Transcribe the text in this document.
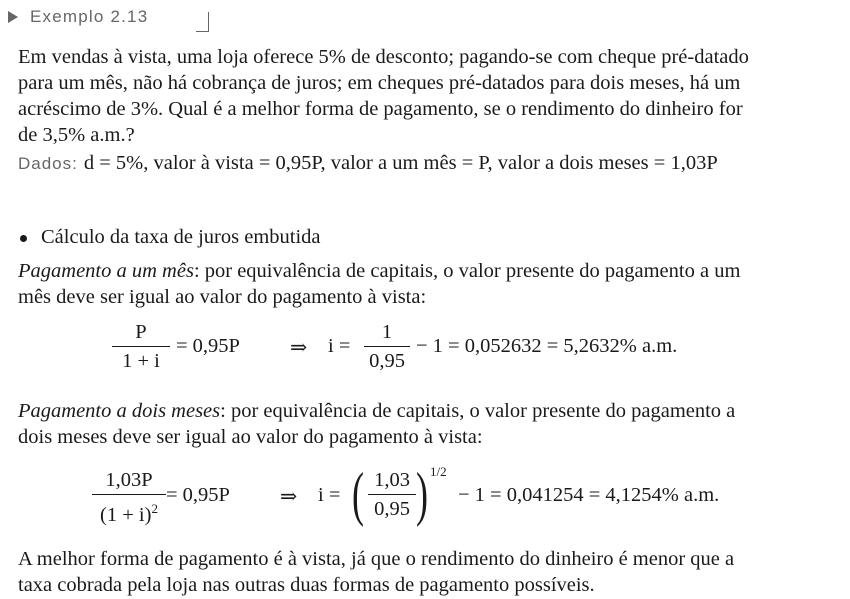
Exemplo 2.13
Em vendas à vista, uma loja oferece 5% de desconto; pagando-se com cheque pré-datado
para um mês, não há cobrança de juros; em cheques pré-datados para dois meses, há um
acréscimo de 3%. Qual é a melhor forma de pagamento, se o rendimento do dinheiro for
de 3,5% a.m.?
Dados: d = 5%, valor à vista = 0,95P, valor a um mês = P, valor a dois meses = 1,03P
Cálculo da taxa de juros embutida
Pagamento a um mês: por equivalência de capitais, o valor presente do pagamento a um
mês deve ser igual ao valor do pagamento à vista:
P
1 + i
= 0,95P ⇒ i =
1
0,95
− 1 = 0,052632 = 5,2632% a.m.
Pagamento a dois meses: por equivalência de capitais, o valor presente do pagamento a
dois meses deve ser igual ao valor do pagamento à vista:
1,03P
$(1 + i)^2$
= 0,95P ⇒ i = ( 1,03
0,95 ) 1/2
− 1 = 0,041254 = 4,1254% a.m.
A melhor forma de pagamento é à vista, já que o rendimento do dinheiro é menor que a
taxa cobrada pela loja nas outras duas formas de pagamento possíveis.
